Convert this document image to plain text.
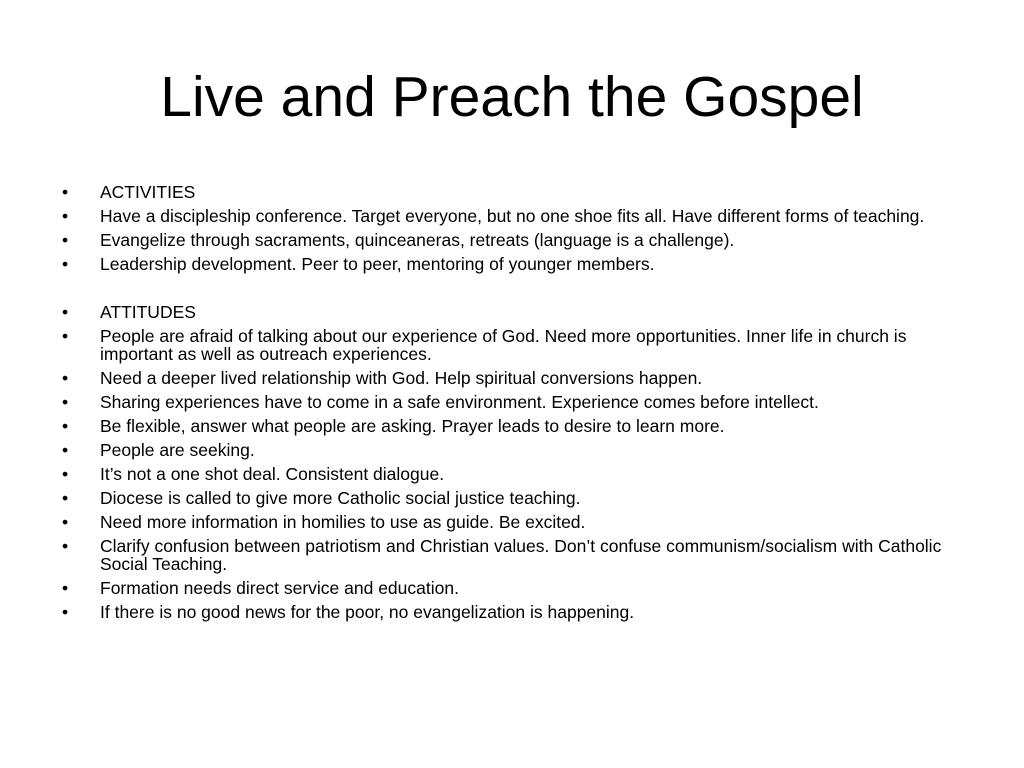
Live and Preach the Gospel
•	ACTIVITIES
•	Have a discipleship conference. Target everyone, but no one shoe fits all. Have different forms of teaching.
•	Evangelize through sacraments, quinceaneras, retreats (language is a challenge).
•	Leadership development. Peer to peer, mentoring of younger members.
•	ATTITUDES
•	People are afraid of talking about our experience of God. Need more opportunities. Inner life in church is important as well as outreach experiences.
•	Need a deeper lived relationship with God. Help spiritual conversions happen.
•	Sharing experiences have to come in a safe environment. Experience comes before intellect.
•	Be flexible, answer what people are asking. Prayer leads to desire to learn more.
•	People are seeking.
•	It’s not a one shot deal. Consistent dialogue.
•	Diocese is called to give more Catholic social justice teaching.
•	Need more information in homilies to use as guide. Be excited.
•	Clarify confusion between patriotism and Christian values. Don’t confuse communism/socialism with Catholic Social Teaching.
•	Formation needs direct service and education.
•	If there is no good news for the poor, no evangelization is happening.
